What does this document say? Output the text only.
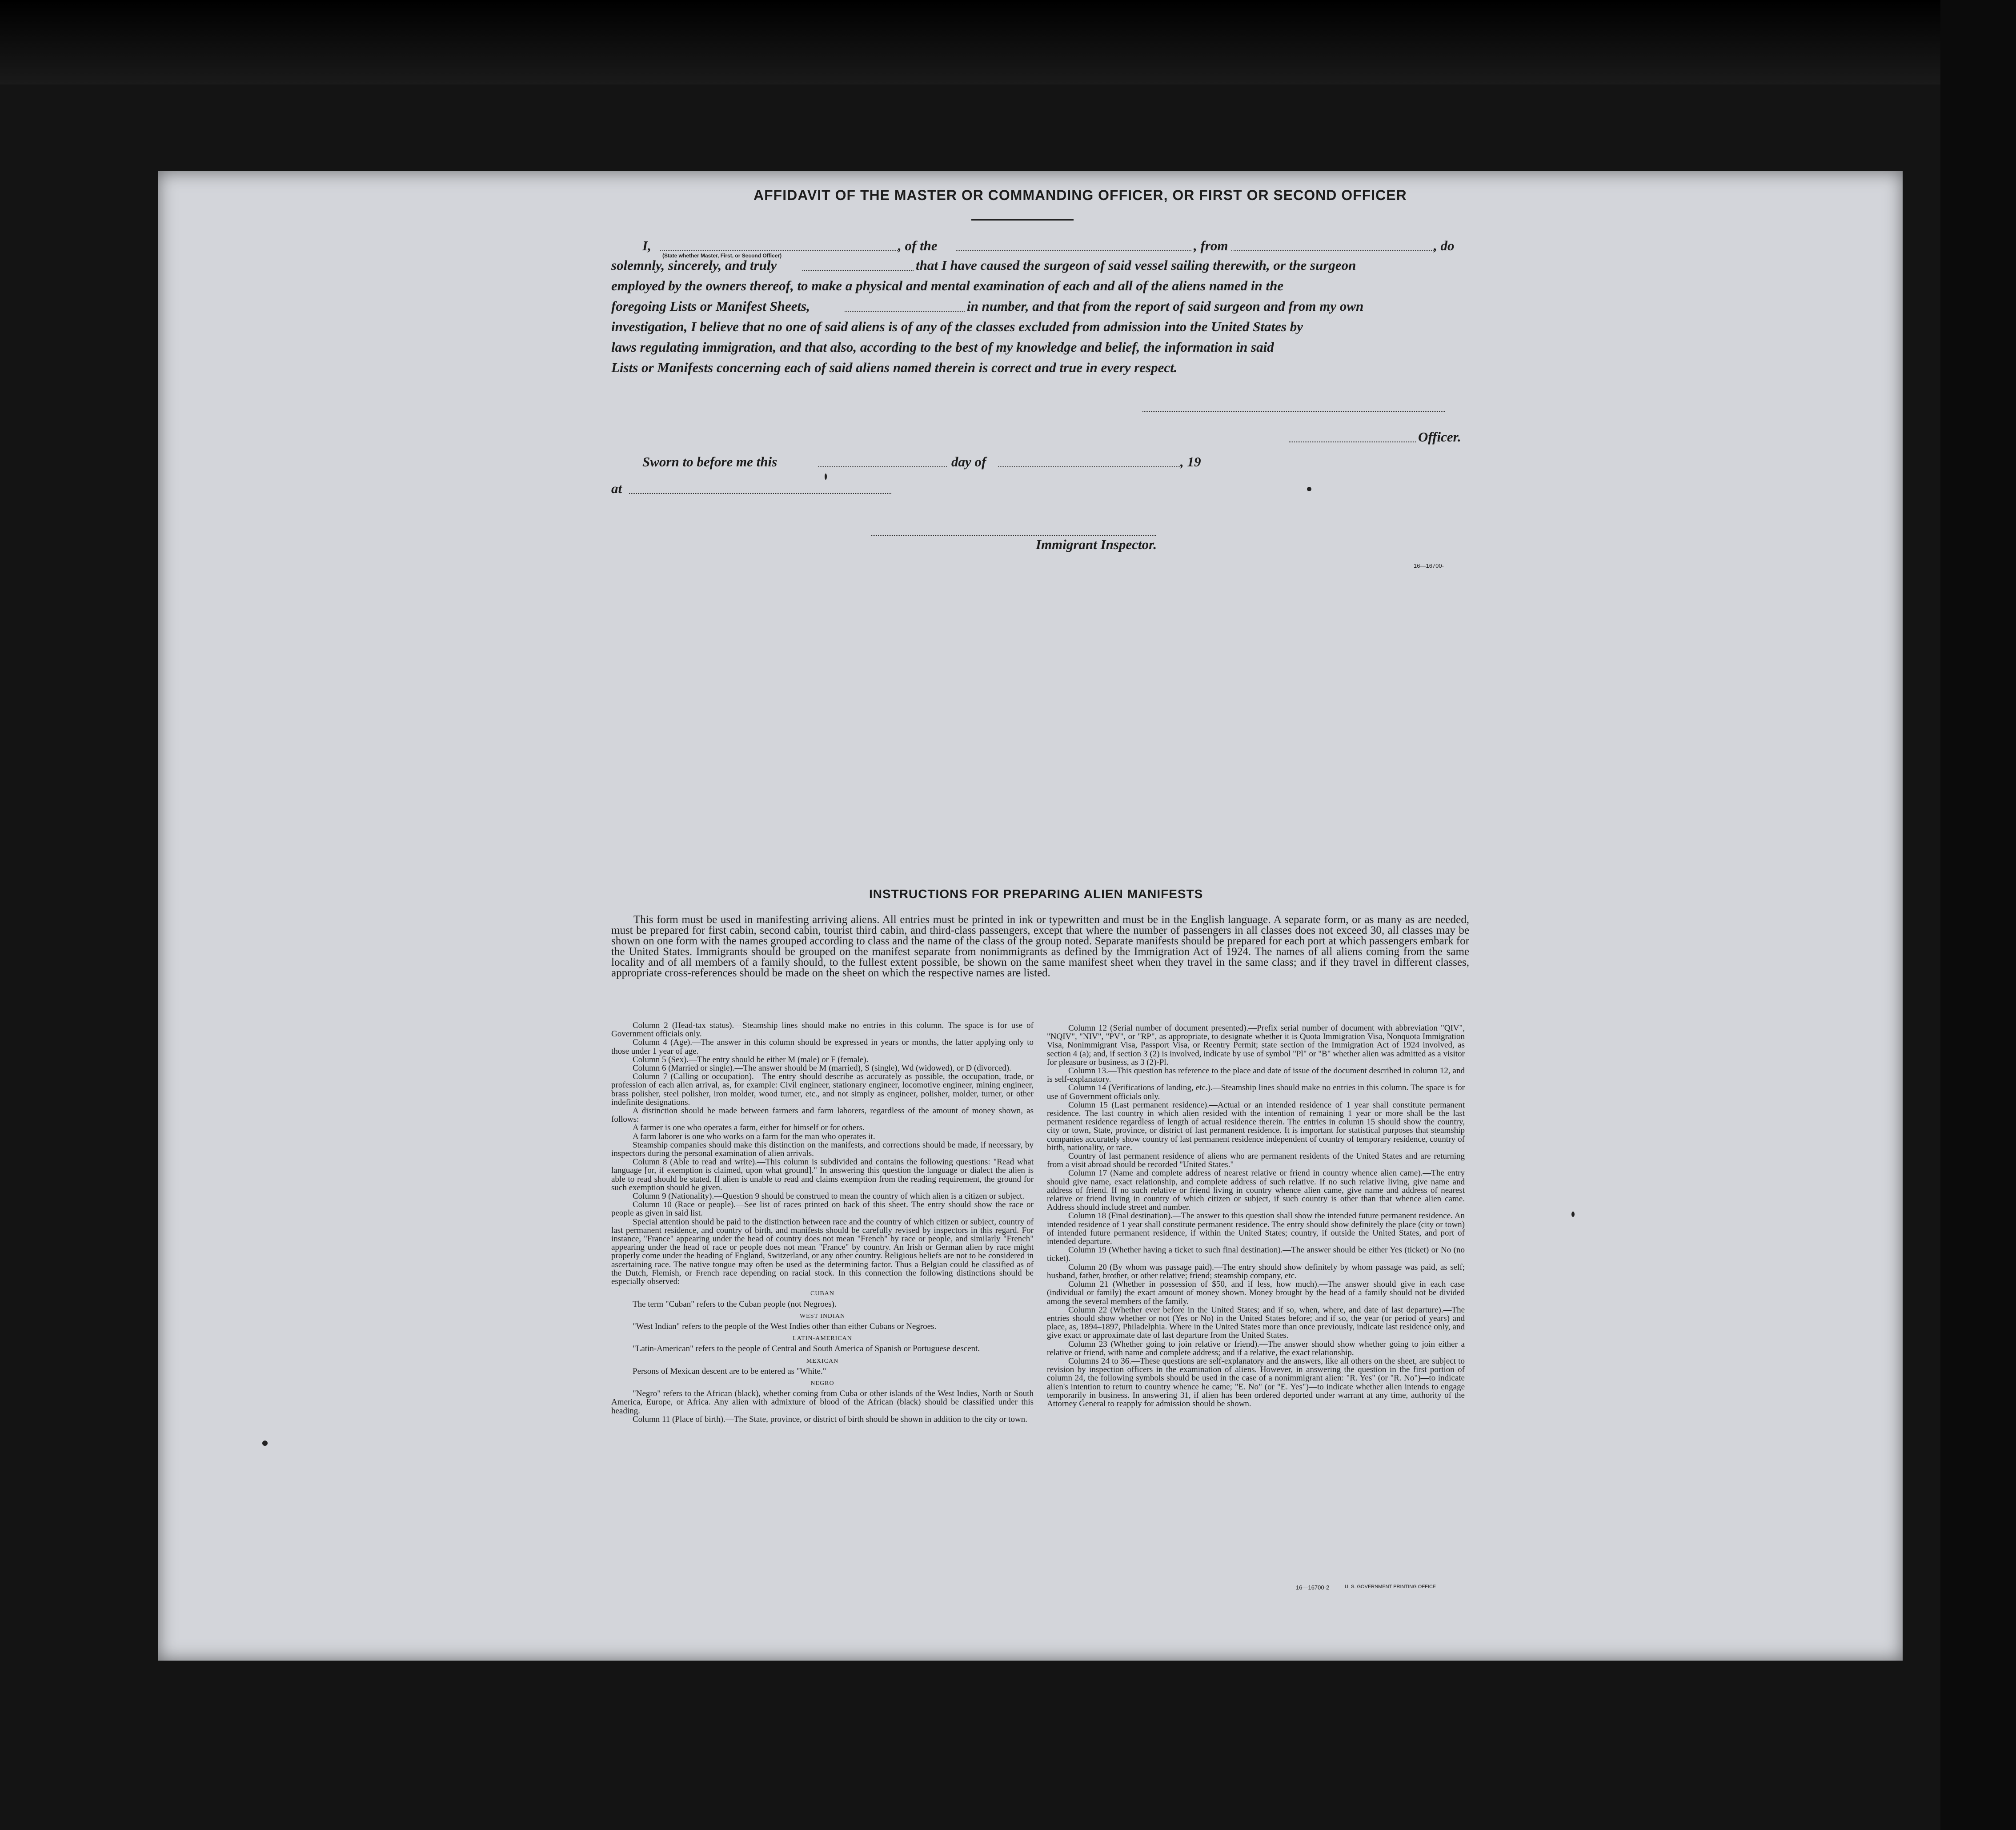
AFFIDAVIT OF THE MASTER OR COMMANDING OFFICER, OR FIRST OR SECOND OFFICER
I,	, of the	, from	, do
(State whether Master, First, or Second Officer)
solemnly, sincerely, and truly	that I have caused the surgeon of said vessel sailing therewith, or the surgeon
employed by the owners thereof, to make a physical and mental examination of each and all of the aliens named in the
foregoing Lists or Manifest Sheets,	in number, and that from the report of said surgeon and from my own
investigation, I believe that no one of said aliens is of any of the classes excluded from admission into the United States by
laws regulating immigration, and that also, according to the best of my knowledge and belief, the information in said
Lists or Manifests concerning each of said aliens named therein is correct and true in every respect.
Officer.
Sworn to before me this	day of	, 19
at
Immigrant Inspector.
16—16700‑
INSTRUCTIONS FOR PREPARING ALIEN MANIFESTS

This form must be used in manifesting arriving aliens. All entries must be printed in ink or typewritten and must be in the English language. A separate form, or as many as are needed, must be prepared for first cabin, second cabin, tourist third cabin, and third-class passengers, except that where the number of passengers in all classes does not exceed 30, all classes may be shown on one form with the names grouped according to class and the name of the class of the group noted. Separate manifests should be prepared for each port at which passengers embark for the United States. Immigrants should be grouped on the manifest separate from nonimmigrants as defined by the Immigration Act of 1924. The names of all aliens coming from the same locality and of all members of a family should, to the fullest extent possible, be shown on the same manifest sheet when they travel in the same class; and if they travel in different classes, appropriate cross-references should be made on the sheet on which the respective names are listed.

Column 2 (Head-tax status).—Steamship lines should make no entries in this column. The space is for use of Government officials only.

Column 4 (Age).—The answer in this column should be expressed in years or months, the latter applying only to those under 1 year of age.

Column 5 (Sex).—The entry should be either M (male) or F (female).

Column 6 (Married or single).—The answer should be M (married), S (single), Wd (widowed), or D (divorced).

Column 7 (Calling or occupation).—The entry should describe as accurately as possible, the occupation, trade, or profession of each alien arrival, as, for example: Civil engineer, stationary engineer, locomotive engineer, mining engineer, brass polisher, steel polisher, iron molder, wood turner, etc., and not simply as engineer, polisher, molder, turner, or other indefinite designations.

A distinction should be made between farmers and farm laborers, regardless of the amount of money shown, as follows:

A farmer is one who operates a farm, either for himself or for others.

A farm laborer is one who works on a farm for the man who operates it.

Steamship companies should make this distinction on the manifests, and corrections should be made, if necessary, by inspectors during the personal examination of alien arrivals.

Column 8 (Able to read and write).—This column is subdivided and contains the following questions: "Read what language [or, if exemption is claimed, upon what ground]." In answering this question the language or dialect the alien is able to read should be stated. If alien is unable to read and claims exemption from the reading requirement, the ground for such exemption should be given.

Column 9 (Nationality).—Question 9 should be construed to mean the country of which alien is a citizen or subject.

Column 10 (Race or people).—See list of races printed on back of this sheet. The entry should show the race or people as given in said list.

Special attention should be paid to the distinction between race and the country of which citizen or subject, country of last permanent residence, and country of birth, and manifests should be carefully revised by inspectors in this regard. For instance, "France" appearing under the head of country does not mean "French" by race or people, and similarly "French" appearing under the head of race or people does not mean "France" by country. An Irish or German alien by race might properly come under the heading of England, Switzerland, or any other country. Religious beliefs are not to be considered in ascertaining race. The native tongue may often be used as the determining factor. Thus a Belgian could be classified as of the Dutch, Flemish, or French race depending on racial stock. In this connection the following distinctions should be especially observed:

CUBAN

The term "Cuban" refers to the Cuban people (not Negroes).

WEST INDIAN

"West Indian" refers to the people of the West Indies other than either Cubans or Negroes.

LATIN-AMERICAN

"Latin-American" refers to the people of Central and South America of Spanish or Portuguese descent.

MEXICAN

Persons of Mexican descent are to be entered as "White."

NEGRO

"Negro" refers to the African (black), whether coming from Cuba or other islands of the West Indies, North or South America, Europe, or Africa. Any alien with admixture of blood of the African (black) should be classified under this heading.

Column 11 (Place of birth).—The State, province, or district of birth should be shown in addition to the city or town.

Column 12 (Serial number of document presented).—Prefix serial number of document with abbreviation "QIV", "NQIV", "NIV", "PV", or "RP", as appropriate, to designate whether it is Quota Immigration Visa, Nonquota Immigration Visa, Nonimmigrant Visa, Passport Visa, or Reentry Permit; state section of the Immigration Act of 1924 involved, as section 4 (a); and, if section 3 (2) is involved, indicate by use of symbol "Pl" or "B" whether alien was admitted as a visitor for pleasure or business, as 3 (2)-Pl.

Column 13.—This question has reference to the place and date of issue of the document described in column 12, and is self-explanatory.

Column 14 (Verifications of landing, etc.).—Steamship lines should make no entries in this column. The space is for use of Government officials only.

Column 15 (Last permanent residence).—Actual or an intended residence of 1 year shall constitute permanent residence. The last country in which alien resided with the intention of remaining 1 year or more shall be the last permanent residence regardless of length of actual residence therein. The entries in column 15 should show the country, city or town, State, province, or district of last permanent residence. It is important for statistical purposes that steamship companies accurately show country of last permanent residence independent of country of temporary residence, country of birth, nationality, or race.

Country of last permanent residence of aliens who are permanent residents of the United States and are returning from a visit abroad should be recorded "United States."

Column 17 (Name and complete address of nearest relative or friend in country whence alien came).—The entry should give name, exact relationship, and complete address of such relative. If no such relative living, give name and address of friend. If no such relative or friend living in country whence alien came, give name and address of nearest relative or friend living in country of which citizen or subject, if such country is other than that whence alien came. Address should include street and number.

Column 18 (Final destination).—The answer to this question shall show the intended future permanent residence. An intended residence of 1 year shall constitute permanent residence. The entry should show definitely the place (city or town) of intended future permanent residence, if within the United States; country, if outside the United States, and port of intended departure.

Column 19 (Whether having a ticket to such final destination).—The answer should be either Yes (ticket) or No (no ticket).

Column 20 (By whom was passage paid).—The entry should show definitely by whom passage was paid, as self; husband, father, brother, or other relative; friend; steamship company, etc.

Column 21 (Whether in possession of $50, and if less, how much).—The answer should give in each case (individual or family) the exact amount of money shown. Money brought by the head of a family should not be divided among the several members of the family.

Column 22 (Whether ever before in the United States; and if so, when, where, and date of last departure).—The entries should show whether or not (Yes or No) in the United States before; and if so, the year (or period of years) and place, as, 1894–1897, Philadelphia. Where in the United States more than once previously, indicate last residence only, and give exact or approximate date of last departure from the United States.

Column 23 (Whether going to join relative or friend).—The answer should show whether going to join either a relative or friend, with name and complete address; and if a relative, the exact relationship.

Columns 24 to 36.—These questions are self-explanatory and the answers, like all others on the sheet, are subject to revision by inspection officers in the examination of aliens. However, in answering the question in the first portion of column 24, the following symbols should be used in the case of a nonimmigrant alien: "R. Yes" (or "R. No")—to indicate alien's intention to return to country whence he came; "E. No" (or "E. Yes")—to indicate whether alien intends to engage temporarily in business. In answering 31, if alien has been ordered deported under warrant at any time, authority of the Attorney General to reapply for admission should be shown.

16—16700‑2	U. S. GOVERNMENT PRINTING OFFICE
